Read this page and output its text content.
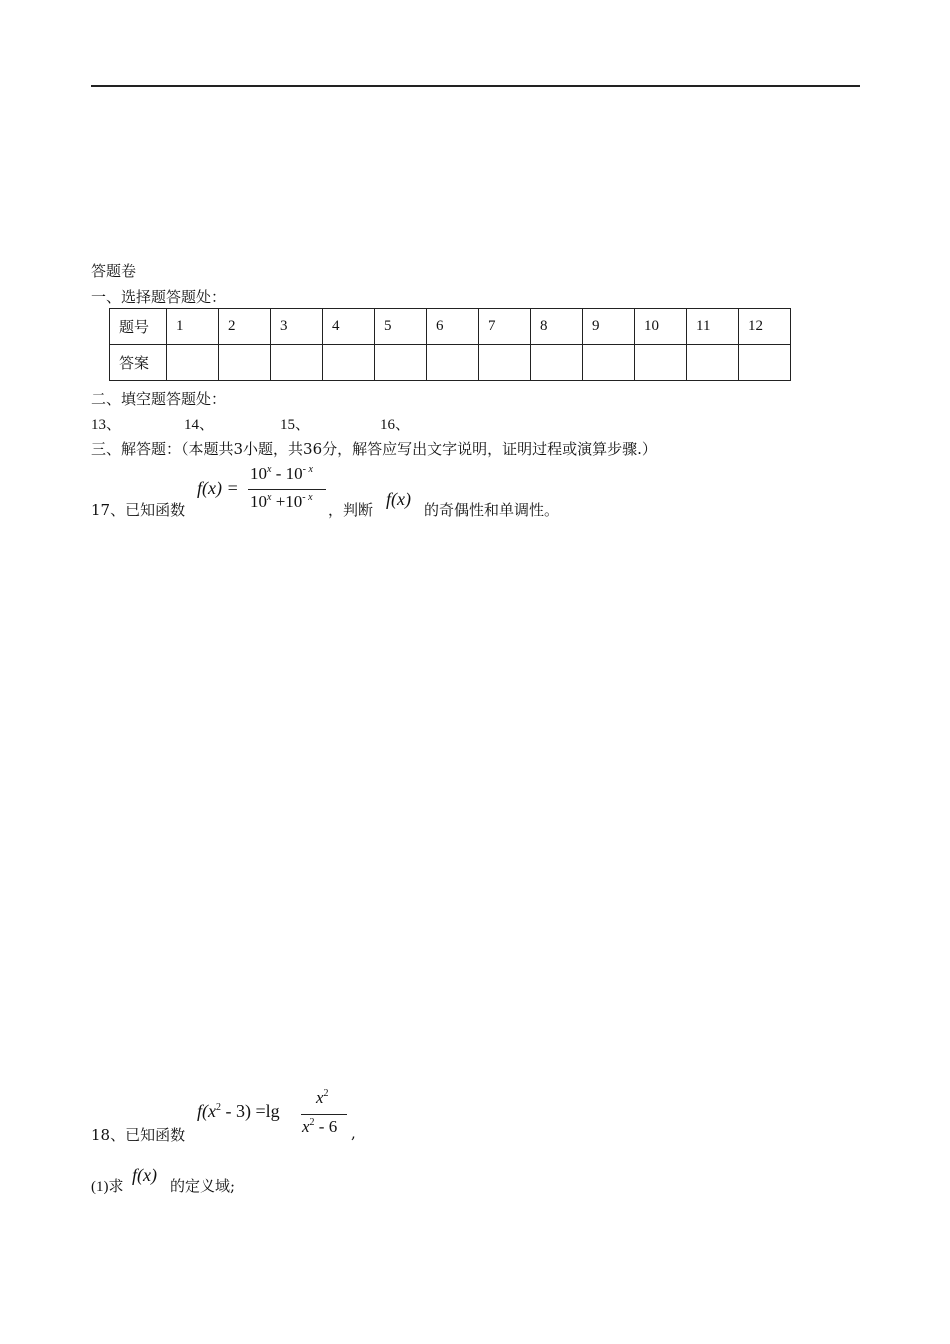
答题卷
一、选择题答题处：
题号	1	2	3	4	5	6	7	8	9	10	11	12
答案												
二、填空题答题处：
13、	14、	15、	16、
三、解答题：（本题共3小题，共36分，解答应写出文字说明，证明过程或演算步骤.）
17、已知函数
f(x) =
$10^x - 10^{- x}$
$10^x +10^{- x}$
，判断
f(x)
的奇偶性和单调性。
18、已知函数
$f(x^2 - 3) =\lg$
$x^2$
$x^2 - 6$ ,
(1)求
f(x)
的定义域;
